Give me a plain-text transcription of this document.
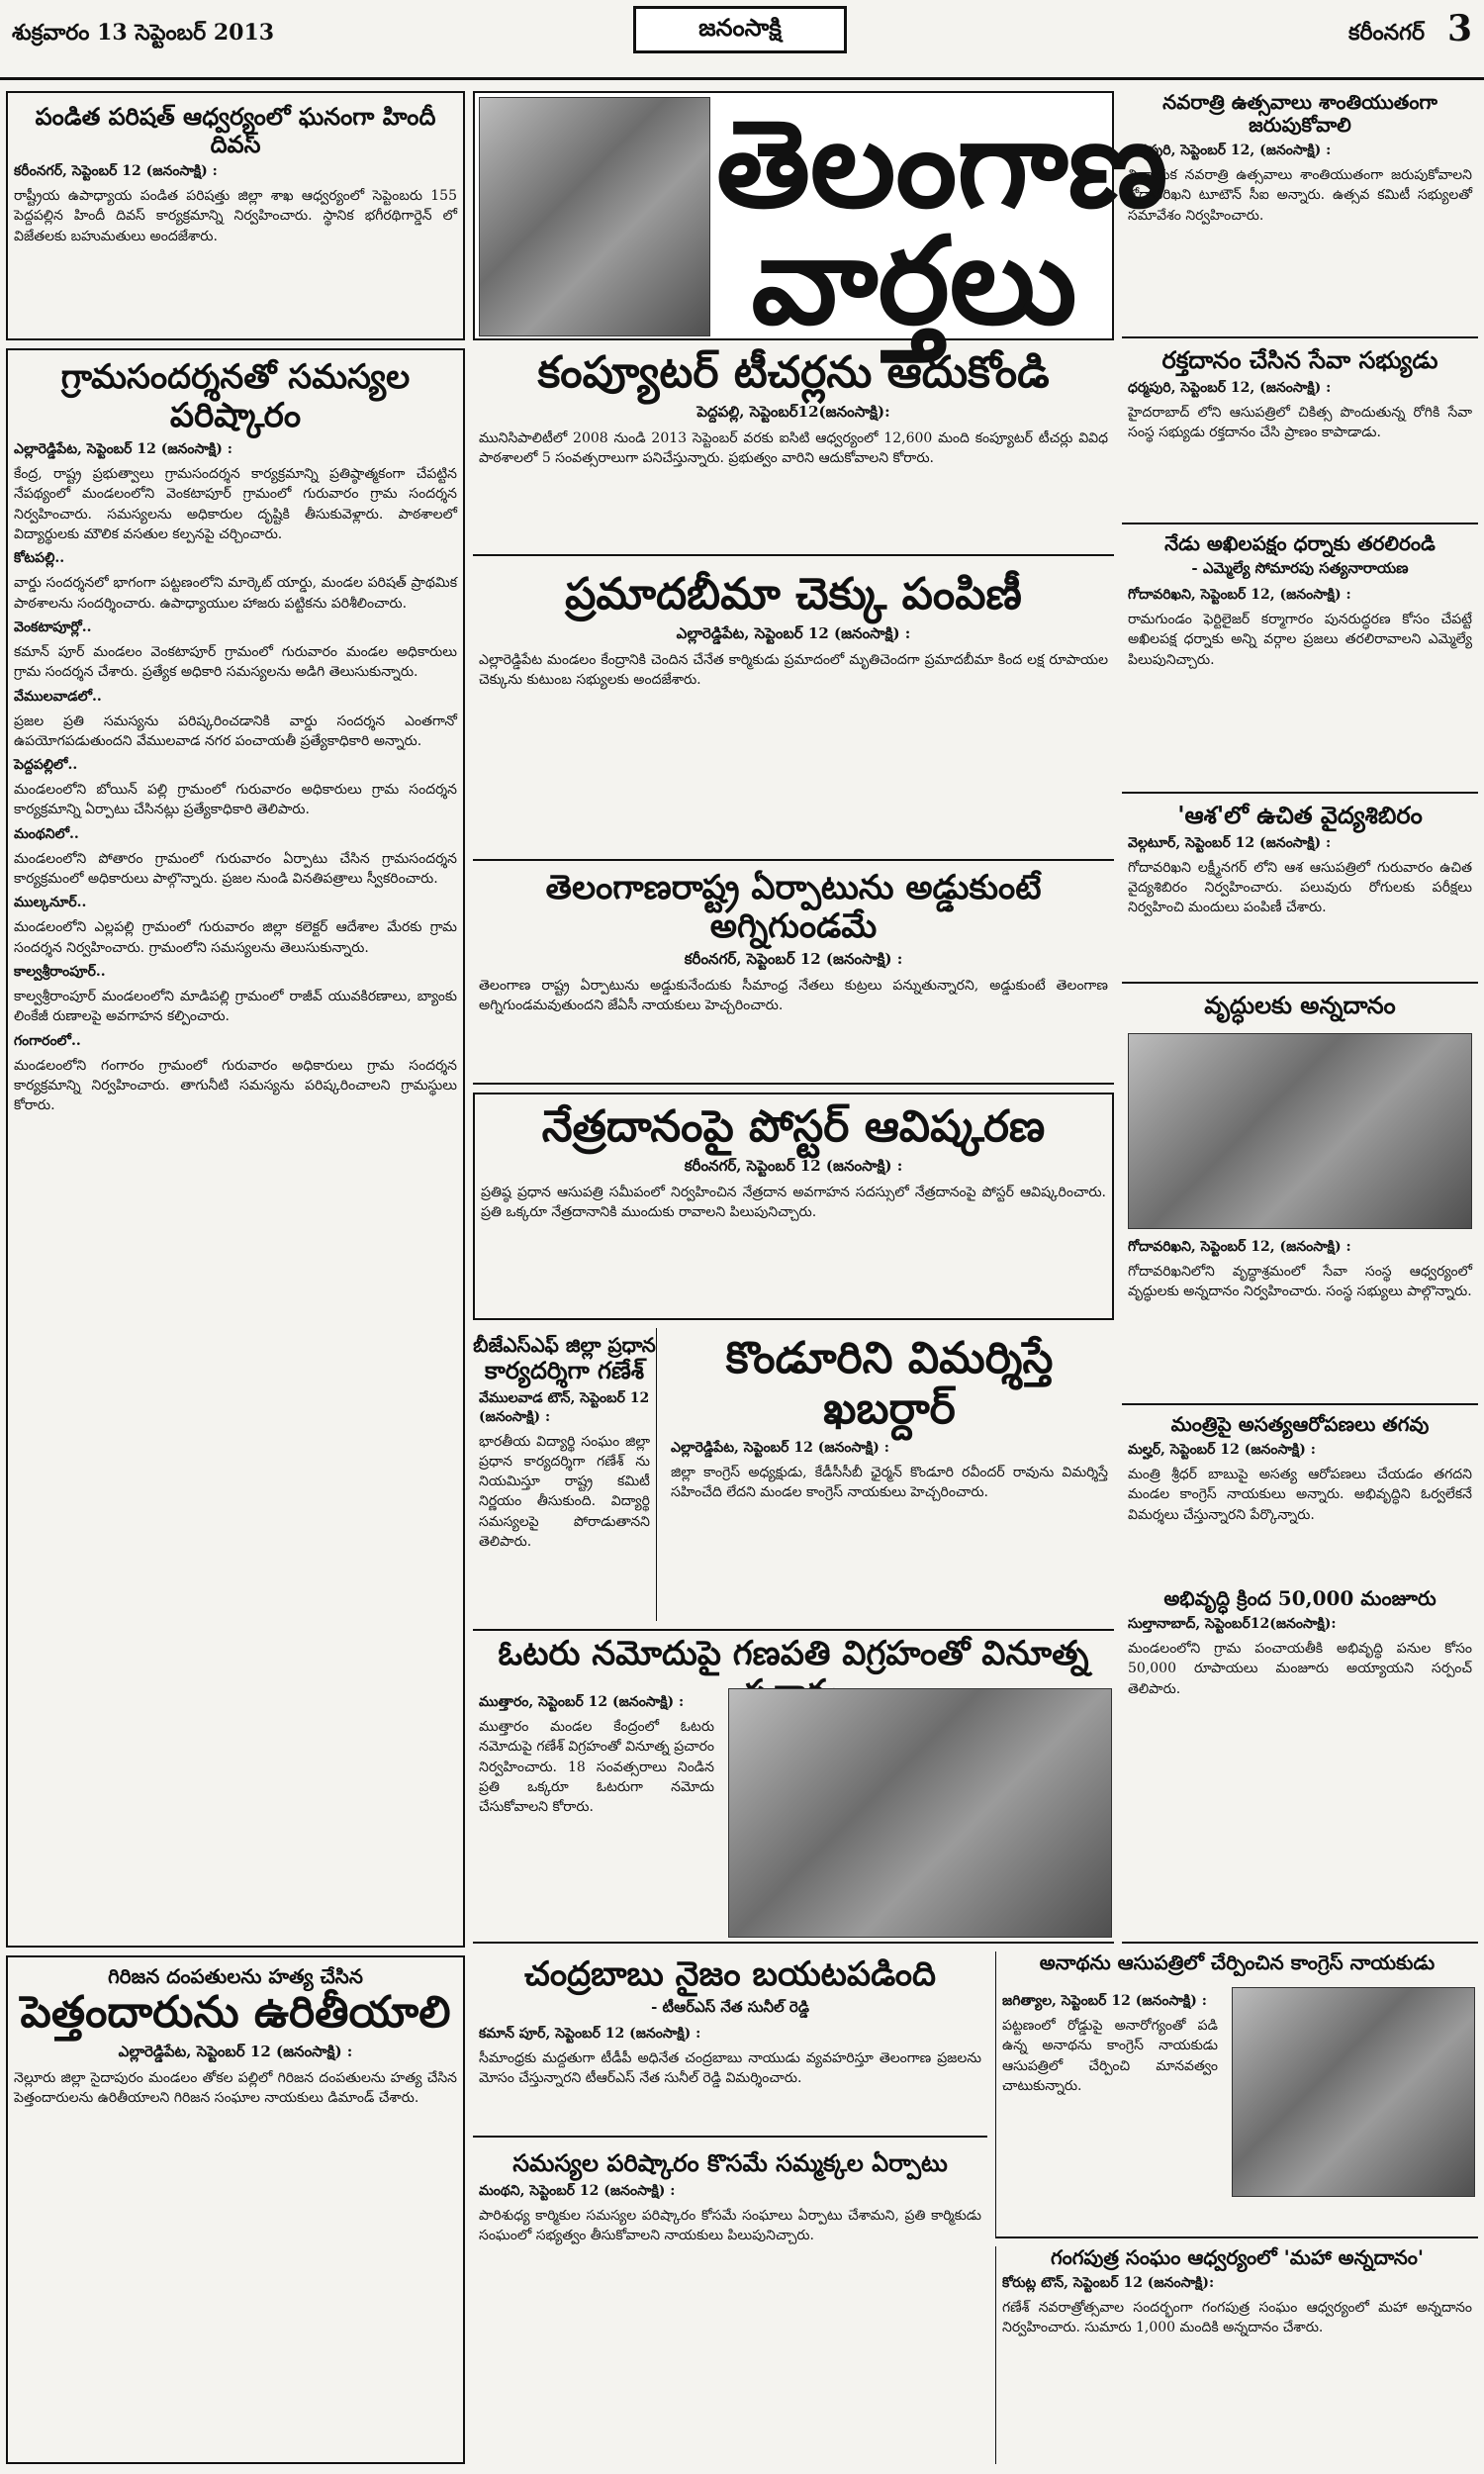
శుక్రవారం 13 సెప్టెంబర్ 2013	జనంసాక్షి	కరీంనగర్ 3
పండిత పరిషత్ ఆధ్వర్యంలో ఘనంగా హిందీ దివస్
కరీంనగర్, సెప్టెంబర్ 12 (జనంసాక్షి) :
రాష్ట్రీయ ఉపాధ్యాయ పండిత పరిషత్తు జిల్లా శాఖ ఆధ్వర్యంలో సెప్టెంబరు 155 పెద్దపల్లిన హిందీ దివస్ కార్యక్రమాన్ని నిర్వహించారు. స్థానిక భగీరథిగార్డెన్ లో విజేతలకు బహుమతులు అందజేశారు.
గ్రామసందర్శనతో సమస్యల పరిష్కారం
ఎల్లారెడ్డిపేట, సెప్టెంబర్ 12 (జనంసాక్షి) :
కేంద్ర, రాష్ట్ర ప్రభుత్వాలు గ్రామసందర్శన కార్యక్రమాన్ని ప్రతిష్ఠాత్మకంగా చేపట్టిన నేపథ్యంలో మండలంలోని వెంకటాపూర్ గ్రామంలో గురువారం గ్రామ సందర్శన నిర్వహించారు. సమస్యలను అధికారుల దృష్టికి తీసుకువెళ్లారు. పాఠశాలలో విద్యార్థులకు మౌలిక వసతుల కల్పనపై చర్చించారు.
కోటపల్లి..
వార్డు సందర్శనలో భాగంగా పట్టణంలోని మార్కెట్ యార్డు, మండల పరిషత్ ప్రాథమిక పాఠశాలను సందర్శించారు. ఉపాధ్యాయుల హాజరు పట్టికను పరిశీలించారు.
వెంకటాపూర్లో..
కమాన్ పూర్ మండలం వెంకటాపూర్ గ్రామంలో గురువారం మండల అధికారులు గ్రామ సందర్శన చేశారు. ప్రత్యేక అధికారి సమస్యలను అడిగి తెలుసుకున్నారు.
వేములవాడలో..
ప్రజల ప్రతి సమస్యను పరిష్కరించడానికి వార్డు సందర్శన ఎంతగానో ఉపయోగపడుతుందని వేములవాడ నగర పంచాయతీ ప్రత్యేకాధికారి అన్నారు.
పెద్దపల్లిలో..
మండలంలోని బోయిన్ పల్లి గ్రామంలో గురువారం అధికారులు గ్రామ సందర్శన కార్యక్రమాన్ని ఏర్పాటు చేసినట్లు ప్రత్యేకాధికారి తెలిపారు.
మంథనిలో..
మండలంలోని పోతారం గ్రామంలో గురువారం ఏర్పాటు చేసిన గ్రామసందర్శన కార్యక్రమంలో అధికారులు పాల్గొన్నారు. ప్రజల నుండి వినతిపత్రాలు స్వీకరించారు.
ముల్కనూర్..
మండలంలోని ఎల్లపల్లి గ్రామంలో గురువారం జిల్లా కలెక్టర్ ఆదేశాల మేరకు గ్రామ సందర్శన నిర్వహించారు. గ్రామంలోని సమస్యలను తెలుసుకున్నారు.
కాల్వశ్రీరాంపూర్..
కాల్వశ్రీరాంపూర్ మండలంలోని మాడిపల్లి గ్రామంలో రాజీవ్ యువకిరణాలు, బ్యాంకు లింకేజీ రుణాలపై అవగాహన కల్పించారు.
గంగారంలో..
మండలంలోని గంగారం గ్రామంలో గురువారం అధికారులు గ్రామ సందర్శన కార్యక్రమాన్ని నిర్వహించారు. తాగునీటి సమస్యను పరిష్కరించాలని గ్రామస్థులు కోరారు.
గిరిజన దంపతులను హత్య చేసిన
పెత్తందారును ఉరితీయాలి
ఎల్లారెడ్డిపేట, సెప్టెంబర్ 12 (జనంసాక్షి) :
నెల్లూరు జిల్లా సైదాపురం మండలం తోకల పల్లిలో గిరిజన దంపతులను హత్య చేసిన పెత్తందారులను ఉరితీయాలని గిరిజన సంఘాల నాయకులు డిమాండ్ చేశారు.
తెలంగాణ
వార్తలు
కంప్యూటర్ టీచర్లను ఆదుకోండి
పెద్దపల్లి, సెప్టెంబర్12(జనంసాక్షి):
మునిసిపాలిటీలో 2008 నుండి 2013 సెప్టెంబర్ వరకు ఐసిటి ఆధ్వర్యంలో 12,600 మంది కంప్యూటర్ టీచర్లు వివిధ పాఠశాలలో 5 సంవత్సరాలుగా పనిచేస్తున్నారు. ప్రభుత్వం వారిని ఆదుకోవాలని కోరారు.
ప్రమాదబీమా చెక్కు పంపిణీ
ఎల్లారెడ్డిపేట, సెప్టెంబర్ 12 (జనంసాక్షి) :
ఎల్లారెడ్డిపేట మండలం కేంద్రానికి చెందిన చేనేత కార్మికుడు ప్రమాదంలో మృతిచెందగా ప్రమాదబీమా కింద లక్ష రూపాయల చెక్కును కుటుంబ సభ్యులకు అందజేశారు.
తెలంగాణరాష్ట్ర ఏర్పాటును అడ్డుకుంటే అగ్నిగుండమే
కరీంనగర్, సెప్టెంబర్ 12 (జనంసాక్షి) :
తెలంగాణ రాష్ట్ర ఏర్పాటును అడ్డుకునేందుకు సీమాంధ్ర నేతలు కుట్రలు పన్నుతున్నారని, అడ్డుకుంటే తెలంగాణ అగ్నిగుండమవుతుందని జేఏసీ నాయకులు హెచ్చరించారు.
నేత్రదానంపై పోస్టర్ ఆవిష్కరణ
కరీంనగర్, సెప్టెంబర్ 12 (జనంసాక్షి) :
ప్రతిష్ఠ ప్రధాన ఆసుపత్రి సమీపంలో నిర్వహించిన నేత్రదాన అవగాహన సదస్సులో నేత్రదానంపై పోస్టర్ ఆవిష్కరించారు. ప్రతి ఒక్కరూ నేత్రదానానికి ముందుకు రావాలని పిలుపునిచ్చారు.
బీజేఎస్ఎఫ్ జిల్లా ప్రధాన
కార్యదర్శిగా గణేశ్
వేములవాడ టౌన్, సెప్టెంబర్ 12 (జనంసాక్షి) :
భారతీయ విద్యార్థి సంఘం జిల్లా ప్రధాన కార్యదర్శిగా గణేశ్ ను నియమిస్తూ రాష్ట్ర కమిటీ నిర్ణయం తీసుకుంది. విద్యార్థి సమస్యలపై పోరాడుతానని తెలిపారు.
కొండూరిని విమర్శిస్తే ఖబర్దార్
ఎల్లారెడ్డిపేట, సెప్టెంబర్ 12 (జనంసాక్షి) :
జిల్లా కాంగ్రెస్ అధ్యక్షుడు, కేడీసీసీబీ ఛైర్మన్ కొండూరి రవీందర్ రావును విమర్శిస్తే సహించేది లేదని మండల కాంగ్రెస్ నాయకులు హెచ్చరించారు.
ఓటరు నమోదుపై గణపతి విగ్రహంతో వినూత్న
ముత్తారం, సెప్టెంబర్ 12 (జనంసాక్షి) :
ముత్తారం మండల కేంద్రంలో ఓటరు నమోదుపై గణేశ్ విగ్రహంతో వినూత్న ప్రచారం నిర్వహించారు. 18 సంవత్సరాలు నిండిన ప్రతి ఒక్కరూ ఓటరుగా నమోదు చేసుకోవాలని కోరారు.
చంద్రబాబు నైజం బయటపడింది
- టీఆర్ఎస్ నేత సునీల్ రెడ్డి
కమాన్ పూర్, సెప్టెంబర్ 12 (జనంసాక్షి) :
సీమాంధ్రకు మద్దతుగా టీడీపీ అధినేత చంద్రబాబు నాయుడు వ్యవహరిస్తూ తెలంగాణ ప్రజలను మోసం చేస్తున్నారని టీఆర్ఎస్ నేత సునీల్ రెడ్డి విమర్శించారు.
సమస్యల పరిష్కారం కొసమే సమ్మక్కల ఏర్పాటు
మంథని, సెప్టెంబర్ 12 (జనంసాక్షి) :
పారిశుధ్య కార్మికుల సమస్యల పరిష్కారం కోసమే సంఘాలు ఏర్పాటు చేశామని, ప్రతి కార్మికుడు సంఘంలో సభ్యత్వం తీసుకోవాలని నాయకులు పిలుపునిచ్చారు.
నవరాత్రి ఉత్సవాలు శాంతియుతంగా జరుపుకోవాలి
ధర్మపురి, సెప్టెంబర్ 12, (జనంసాక్షి) :
వినాయక నవరాత్రి ఉత్సవాలు శాంతియుతంగా జరుపుకోవాలని గోదావరిఖని టూటౌన్ సీఐ అన్నారు. ఉత్సవ కమిటీ సభ్యులతో సమావేశం నిర్వహించారు.
రక్తదానం చేసిన సేవా సభ్యుడు
ధర్మపురి, సెప్టెంబర్ 12, (జనంసాక్షి) :
హైదరాబాద్ లోని ఆసుపత్రిలో చికిత్స పొందుతున్న రోగికి సేవా సంస్థ సభ్యుడు రక్తదానం చేసి ప్రాణం కాపాడాడు.
నేడు అఖిలపక్షం ధర్నాకు తరలిరండి
- ఎమ్మెల్యే సోమారపు సత్యనారాయణ
గోదావరిఖని, సెప్టెంబర్ 12, (జనంసాక్షి) :
రామగుండం ఫెర్టిలైజర్ కర్మాగారం పునరుద్ధరణ కోసం చేపట్టే అఖిలపక్ష ధర్నాకు అన్ని వర్గాల ప్రజలు తరలిరావాలని ఎమ్మెల్యే పిలుపునిచ్చారు.
'ఆశ'లో ఉచిత వైద్యశిబిరం
వెల్గటూర్, సెప్టెంబర్ 12 (జనంసాక్షి) :
గోదావరిఖని లక్ష్మీనగర్ లోని ఆశ ఆసుపత్రిలో గురువారం ఉచిత వైద్యశిబిరం నిర్వహించారు. పలువురు రోగులకు పరీక్షలు నిర్వహించి మందులు పంపిణీ చేశారు.
వృద్ధులకు అన్నదానం
గోదావరిఖని, సెప్టెంబర్ 12, (జనంసాక్షి) :
గోదావరిఖనిలోని వృద్ధాశ్రమంలో సేవా సంస్థ ఆధ్వర్యంలో వృద్ధులకు అన్నదానం నిర్వహించారు. సంస్థ సభ్యులు పాల్గొన్నారు.
మంత్రిపై అసత్యఆరోపణలు తగవు
మల్హర్, సెప్టెంబర్ 12 (జనంసాక్షి) :
మంత్రి శ్రీధర్ బాబుపై అసత్య ఆరోపణలు చేయడం తగదని మండల కాంగ్రెస్ నాయకులు అన్నారు. అభివృద్ధిని ఓర్వలేకనే విమర్శలు చేస్తున్నారని పేర్కొన్నారు.
అభివృద్ధి క్రింద 50,000 మంజూరు
సుల్తానాబాద్, సెప్టెంబర్12(జనంసాక్షి):
మండలంలోని గ్రామ పంచాయతీకి అభివృద్ధి పనుల కోసం 50,000 రూపాయలు మంజూరు అయ్యాయని సర్పంచ్ తెలిపారు.
అనాథను ఆసుపత్రిలో చేర్పించిన కాంగ్రెస్ నాయకుడు
జగిత్యాల, సెప్టెంబర్ 12 (జనంసాక్షి) :
పట్టణంలో రోడ్డుపై అనారోగ్యంతో పడి ఉన్న అనాథను కాంగ్రెస్ నాయకుడు ఆసుపత్రిలో చేర్పించి మానవత్వం చాటుకున్నారు.
గంగపుత్ర సంఘం ఆధ్వర్యంలో 'మహా అన్నదానం'
కోరుట్ల టౌన్, సెప్టెంబర్ 12 (జనంసాక్షి):
గణేశ్ నవరాత్రోత్సవాల సందర్భంగా గంగపుత్ర సంఘం ఆధ్వర్యంలో మహా అన్నదానం నిర్వహించారు. సుమారు 1,000 మందికి అన్నదానం చేశారు.
